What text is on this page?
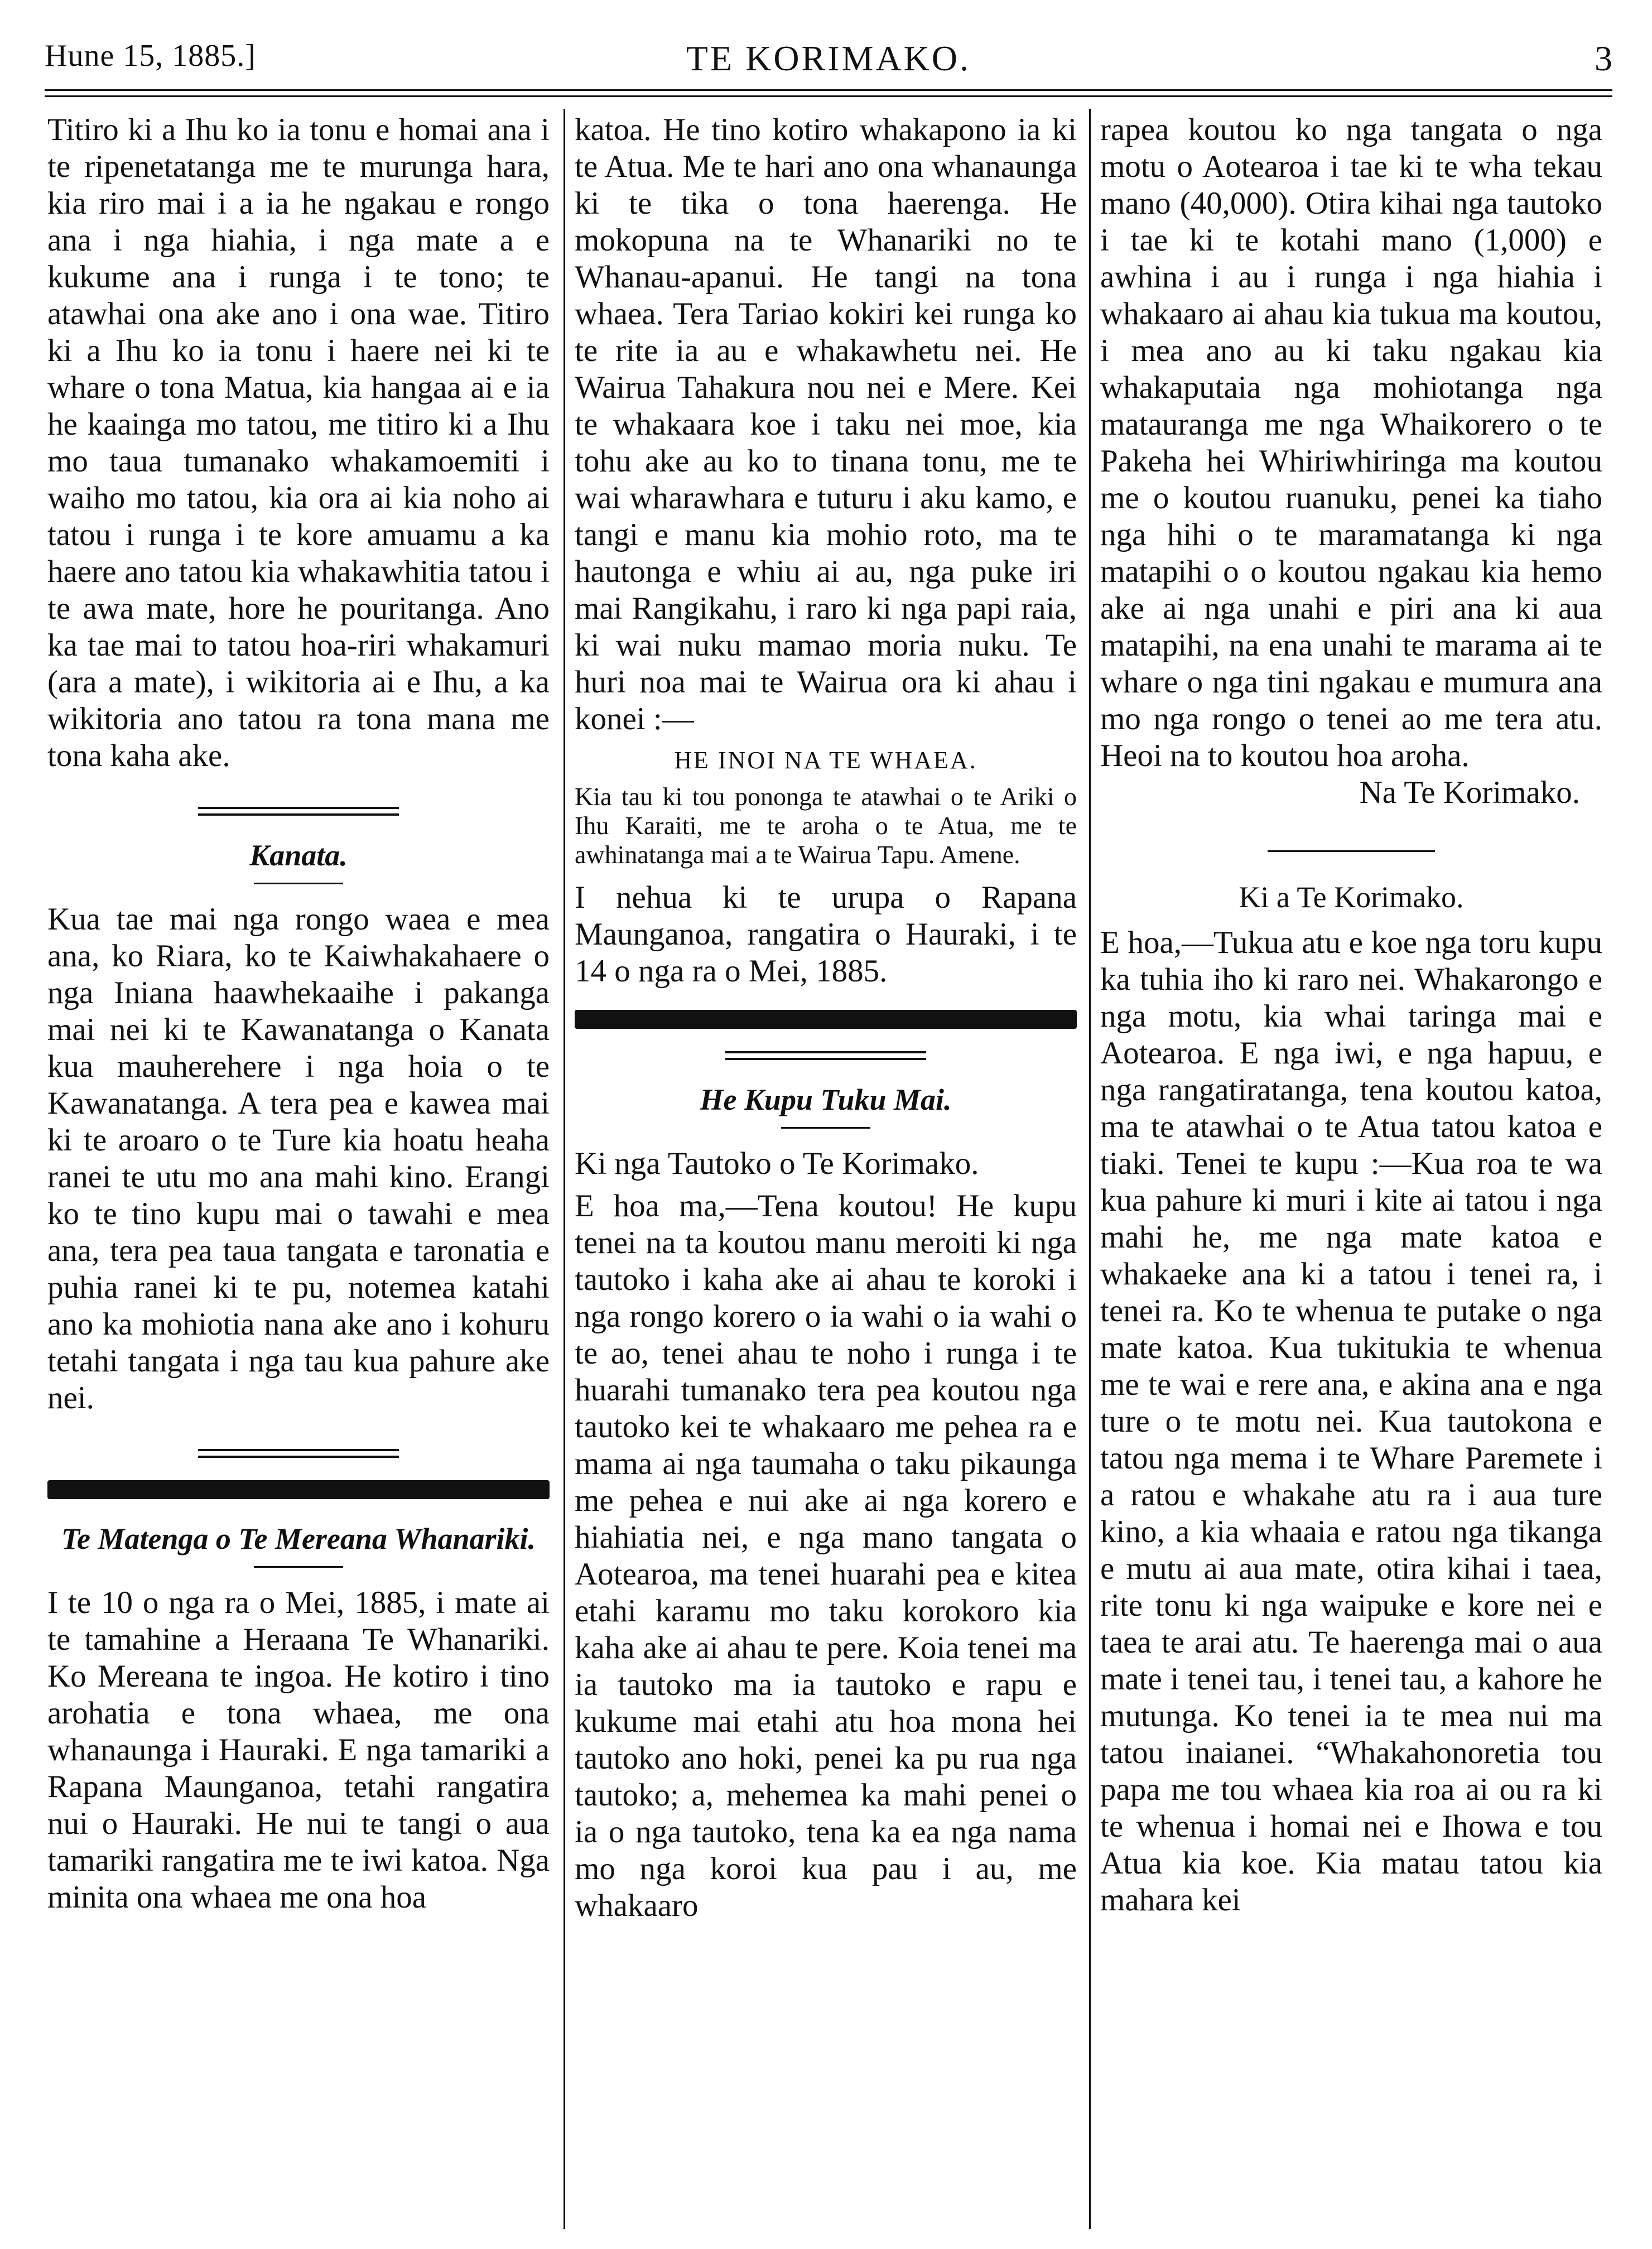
Hune 15, 1885.]	TE KORIMAKO.	3

Titiro ki a Ihu ko ia tonu e homai ana i te ripenetatanga me te murunga hara, kia riro mai i a ia he ngakau e rongo ana i nga hiahia, i nga mate a e kukume ana i runga i te tono; te atawhai ona ake ano i ona wae. Titiro ki a Ihu ko ia tonu i haere nei ki te whare o tona Matua, kia hangaa ai e ia he kaainga mo tatou, me titiro ki a Ihu mo taua tumanako whakamoemiti i waiho mo tatou, kia ora ai kia noho ai tatou i runga i te kore amuamu a ka haere ano tatou kia whakawhitia tatou i te awa mate, hore he pouritanga. Ano ka tae mai to tatou hoa-riri whakamuri (ara a mate), i wikitoria ai e Ihu, a ka wikitoria ano tatou ra tona mana me tona kaha ake.

Kanata.

Kua tae mai nga rongo waea e mea ana, ko Riara, ko te Kaiwhakahaere o nga Iniana haawhekaaihe i pakanga mai nei ki te Kawanatanga o Kanata kua mauherehere i nga hoia o te Kawanatanga. A tera pea e kawea mai ki te aroaro o te Ture kia hoatu heaha ranei te utu mo ana mahi kino. Erangi ko te tino kupu mai o tawahi e mea ana, tera pea taua tangata e taronatia e puhia ranei ki te pu, notemea katahi ano ka mohiotia nana ake ano i kohuru tetahi tangata i nga tau kua pahure ake nei.

Te Matenga o Te Mereana Whanariki.

I te 10 o nga ra o Mei, 1885, i mate ai te tamahine a Heraana Te Whanariki. Ko Mereana te ingoa. He kotiro i tino arohatia e tona whaea, me ona whanaunga i Hauraki. E nga tamariki a Rapana Maunganoa, tetahi rangatira nui o Hauraki. He nui te tangi o aua tamariki rangatira me te iwi katoa. Nga minita ona whaea me ona hoa

katoa. He tino kotiro whakapono ia ki te Atua. Me te hari ano ona whanaunga ki te tika o tona haerenga. He mokopuna na te Whanariki no te Whanau-apanui. He tangi na tona whaea. Tera Tariao kokiri kei runga ko te rite ia au e whakawhetu nei. He Wairua Tahakura nou nei e Mere. Kei te whakaara koe i taku nei moe, kia tohu ake au ko to tinana tonu, me te wai wharawhara e tuturu i aku kamo, e tangi e manu kia mohio roto, ma te hautonga e whiu ai au, nga puke iri mai Rangikahu, i raro ki nga papi raia, ki wai nuku mamao moria nuku. Te huri noa mai te Wairua ora ki ahau i konei :—

HE INOI NA TE WHAEA.

Kia tau ki tou pononga te atawhai o te Ariki o Ihu Karaiti, me te aroha o te Atua, me te awhinatanga mai a te Wairua Tapu. Amene.

I nehua ki te urupa o Rapana Maunganoa, rangatira o Hauraki, i te 14 o nga ra o Mei, 1885.

He Kupu Tuku Mai.

Ki nga Tautoko o Te Korimako.

E hoa ma,—Tena koutou! He kupu tenei na ta koutou manu meroiti ki nga tautoko i kaha ake ai ahau te koroki i nga rongo korero o ia wahi o ia wahi o te ao, tenei ahau te noho i runga i te huarahi tumanako tera pea koutou nga tautoko kei te whakaaro me pehea ra e mama ai nga taumaha o taku pikaunga me pehea e nui ake ai nga korero e hiahiatia nei, e nga mano tangata o Aotearoa, ma tenei huarahi pea e kitea etahi karamu mo taku korokoro kia kaha ake ai ahau te pere. Koia tenei ma ia tautoko ma ia tautoko e rapu e kukume mai etahi atu hoa mona hei tautoko ano hoki, penei ka pu rua nga tautoko; a, mehemea ka mahi penei o ia o nga tautoko, tena ka ea nga nama mo nga koroi kua pau i au, me whakaaro

rapea koutou ko nga tangata o nga motu o Aotearoa i tae ki te wha tekau mano (40,000). Otira kihai nga tautoko i tae ki te kotahi mano (1,000) e awhina i au i runga i nga hiahia i whakaaro ai ahau kia tukua ma koutou, i mea ano au ki taku ngakau kia whakaputaia nga mohiotanga nga matauranga me nga Whaikorero o te Pakeha hei Whiriwhiringa ma koutou me o koutou ruanuku, penei ka tiaho nga hihi o te maramatanga ki nga matapihi o o koutou ngakau kia hemo ake ai nga unahi e piri ana ki aua matapihi, na ena unahi te marama ai te whare o nga tini ngakau e mumura ana mo nga rongo o tenei ao me tera atu. Heoi na to koutou hoa aroha.

Na Te Korimako.

Ki a Te Korimako.

E hoa,—Tukua atu e koe nga toru kupu ka tuhia iho ki raro nei. Whakarongo e nga motu, kia whai taringa mai e Aotearoa. E nga iwi, e nga hapuu, e nga rangatiratanga, tena koutou katoa, ma te atawhai o te Atua tatou katoa e tiaki. Tenei te kupu :—Kua roa te wa kua pahure ki muri i kite ai tatou i nga mahi he, me nga mate katoa e whakaeke ana ki a tatou i tenei ra, i tenei ra. Ko te whenua te putake o nga mate katoa. Kua tukitukia te whenua me te wai e rere ana, e akina ana e nga ture o te motu nei. Kua tautokona e tatou nga mema i te Whare Paremete i a ratou e whakahe atu ra i aua ture kino, a kia whaaia e ratou nga tikanga e mutu ai aua mate, otira kihai i taea, rite tonu ki nga waipuke e kore nei e taea te arai atu. Te haerenga mai o aua mate i tenei tau, i tenei tau, a kahore he mutunga. Ko tenei ia te mea nui ma tatou inaianei. “Whakahonoretia tou papa me tou whaea kia roa ai ou ra ki te whenua i homai nei e Ihowa e tou Atua kia koe. Kia matau tatou kia mahara kei
